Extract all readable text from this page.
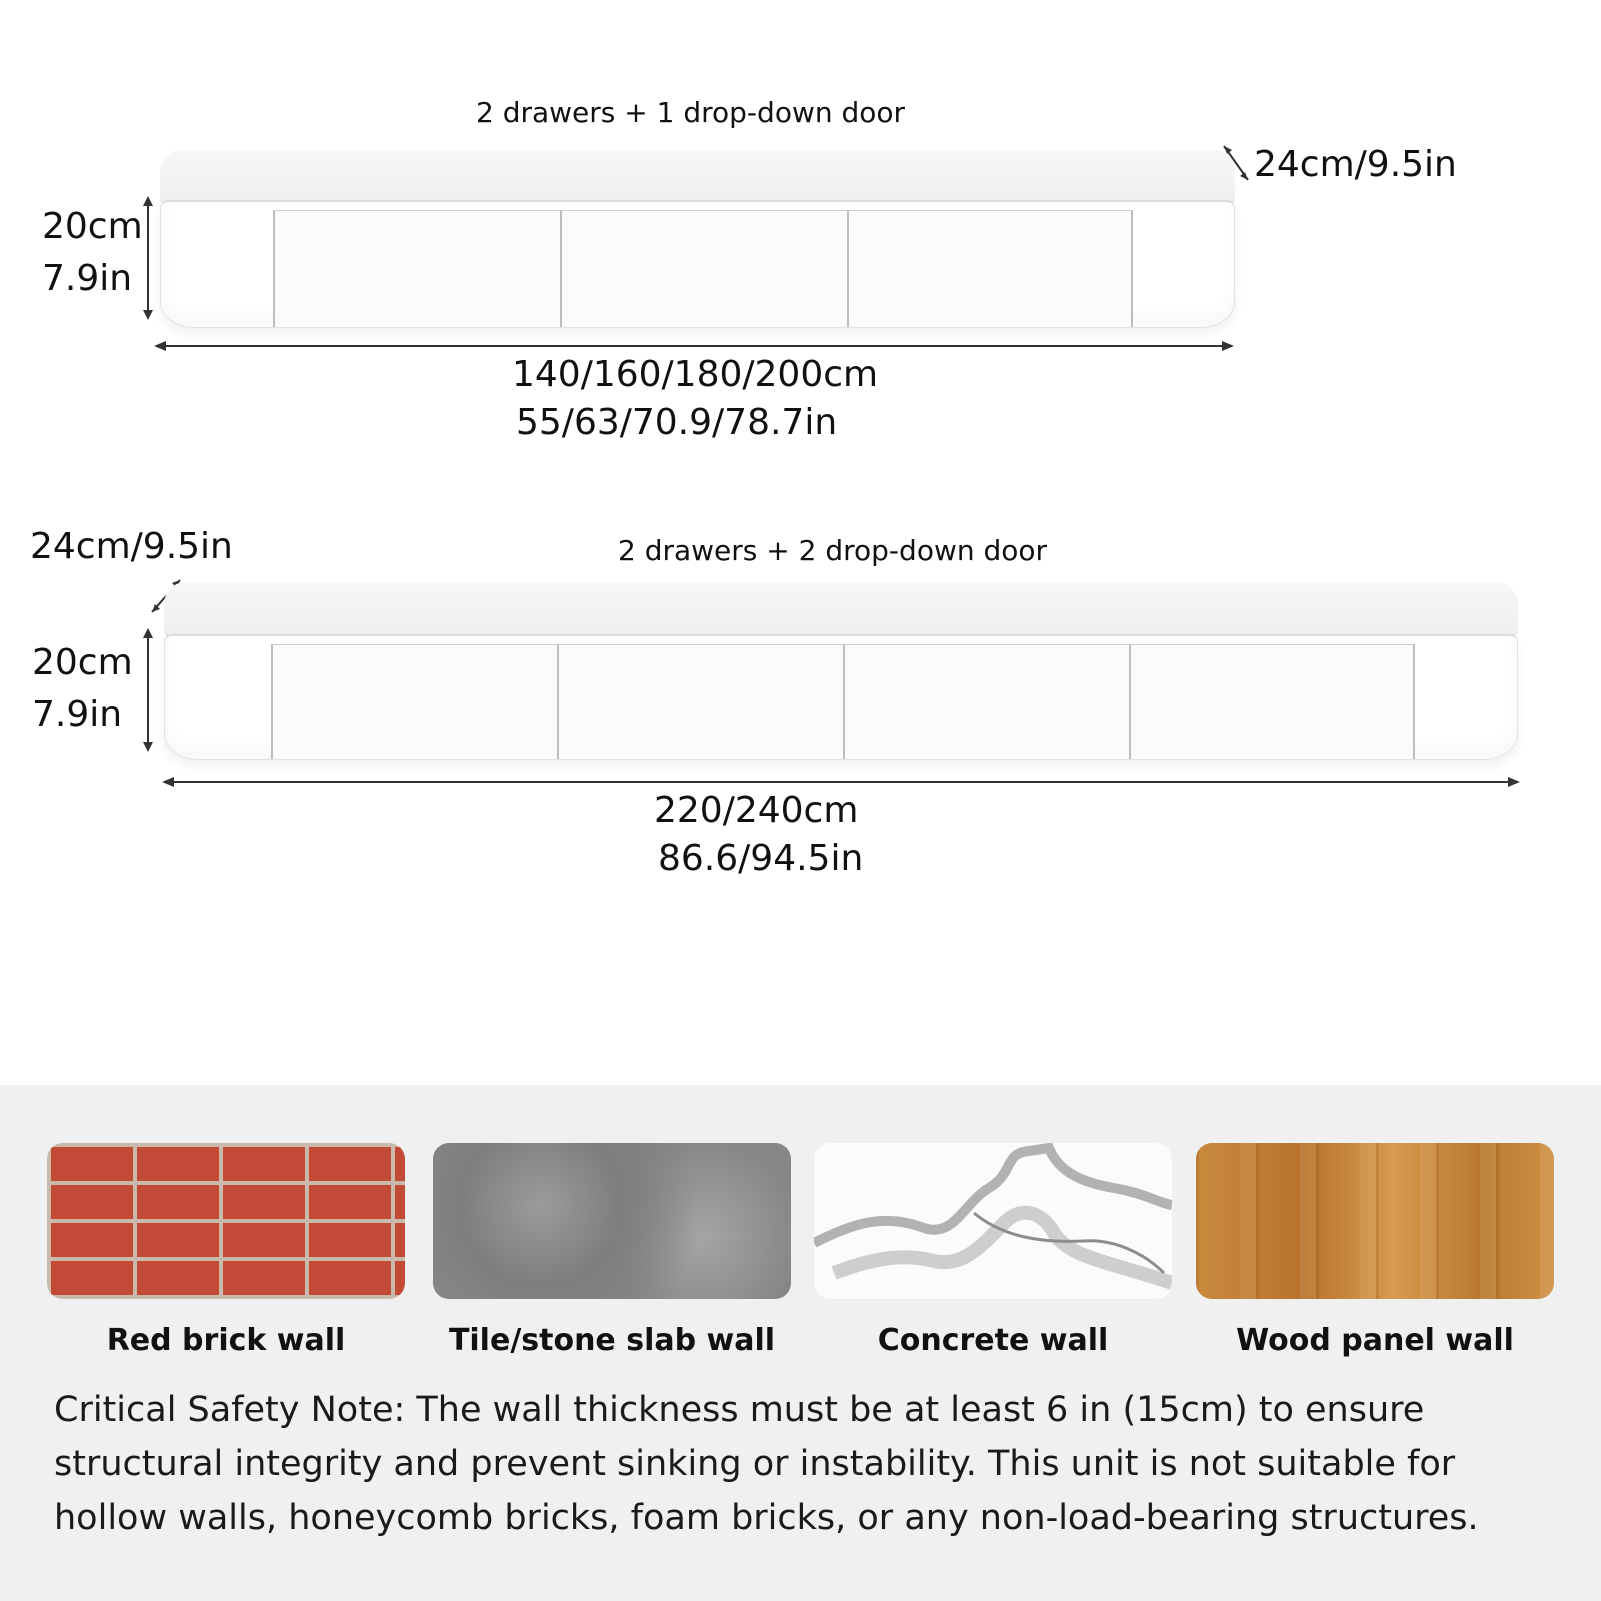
2 drawers + 1 drop-down door
24cm/9.5in
20cm
7.9in
140/160/180/200cm
55/63/70.9/78.7in
24cm/9.5in	2 drawers + 2 drop-down door
20cm
7.9in
220/240cm
86.6/94.5in
Red brick wall	Tile/stone slab wall	Concrete wall	Wood panel wall
Critical Safety Note: The wall thickness must be at least 6 in (15cm) to ensure structural integrity and prevent sinking or instability. This unit is not suitable for hollow walls, honeycomb bricks, foam bricks, or any non-load-bearing structures.
